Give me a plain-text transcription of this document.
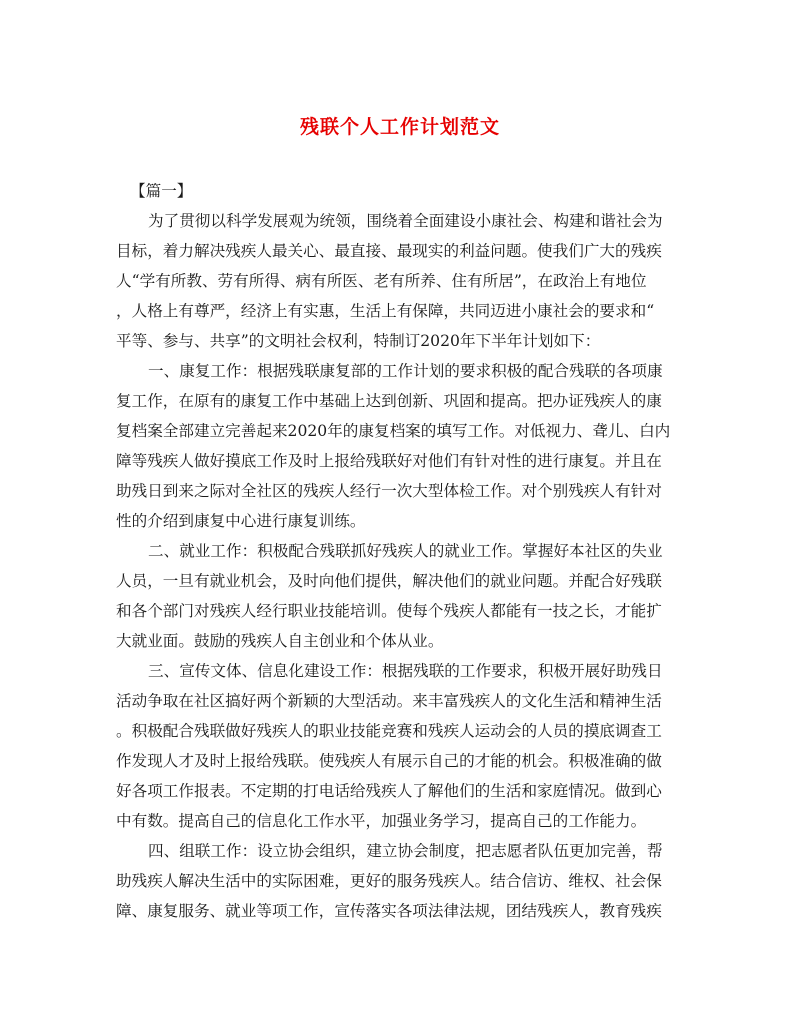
残联个人工作计划范文
【篇一】
为了贯彻以科学发展观为统领，围绕着全面建设小康社会、构建和谐社会为
目标，着力解决残疾人最关心、最直接、最现实的利益问题。使我们广大的残疾
人“学有所教、劳有所得、病有所医、老有所养、住有所居”，在政治上有地位
，人格上有尊严，经济上有实惠，生活上有保障，共同迈进小康社会的要求和“
平等、参与、共享”的文明社会权利，特制订2020年下半年计划如下：
一、康复工作：根据残联康复部的工作计划的要求积极的配合残联的各项康
复工作，在原有的康复工作中基础上达到创新、巩固和提高。把办证残疾人的康
复档案全部建立完善起来2020年的康复档案的填写工作。对低视力、聋儿、白内
障等残疾人做好摸底工作及时上报给残联好对他们有针对性的进行康复。并且在
助残日到来之际对全社区的残疾人经行一次大型体检工作。对个别残疾人有针对
性的介绍到康复中心进行康复训练。
二、就业工作：积极配合残联抓好残疾人的就业工作。掌握好本社区的失业
人员，一旦有就业机会，及时向他们提供，解决他们的就业问题。并配合好残联
和各个部门对残疾人经行职业技能培训。使每个残疾人都能有一技之长，才能扩
大就业面。鼓励的残疾人自主创业和个体从业。
三、宣传文体、信息化建设工作：根据残联的工作要求，积极开展好助残日
活动争取在社区搞好两个新颖的大型活动。来丰富残疾人的文化生活和精神生活
。积极配合残联做好残疾人的职业技能竞赛和残疾人运动会的人员的摸底调查工
作发现人才及时上报给残联。使残疾人有展示自己的才能的机会。积极准确的做
好各项工作报表。不定期的打电话给残疾人了解他们的生活和家庭情况。做到心
中有数。提高自己的信息化工作水平，加强业务学习，提高自己的工作能力。
四、组联工作：设立协会组织，建立协会制度，把志愿者队伍更加完善，帮
助残疾人解决生活中的实际困难，更好的服务残疾人。结合信访、维权、社会保
障、康复服务、就业等项工作，宣传落实各项法律法规，团结残疾人，教育残疾
